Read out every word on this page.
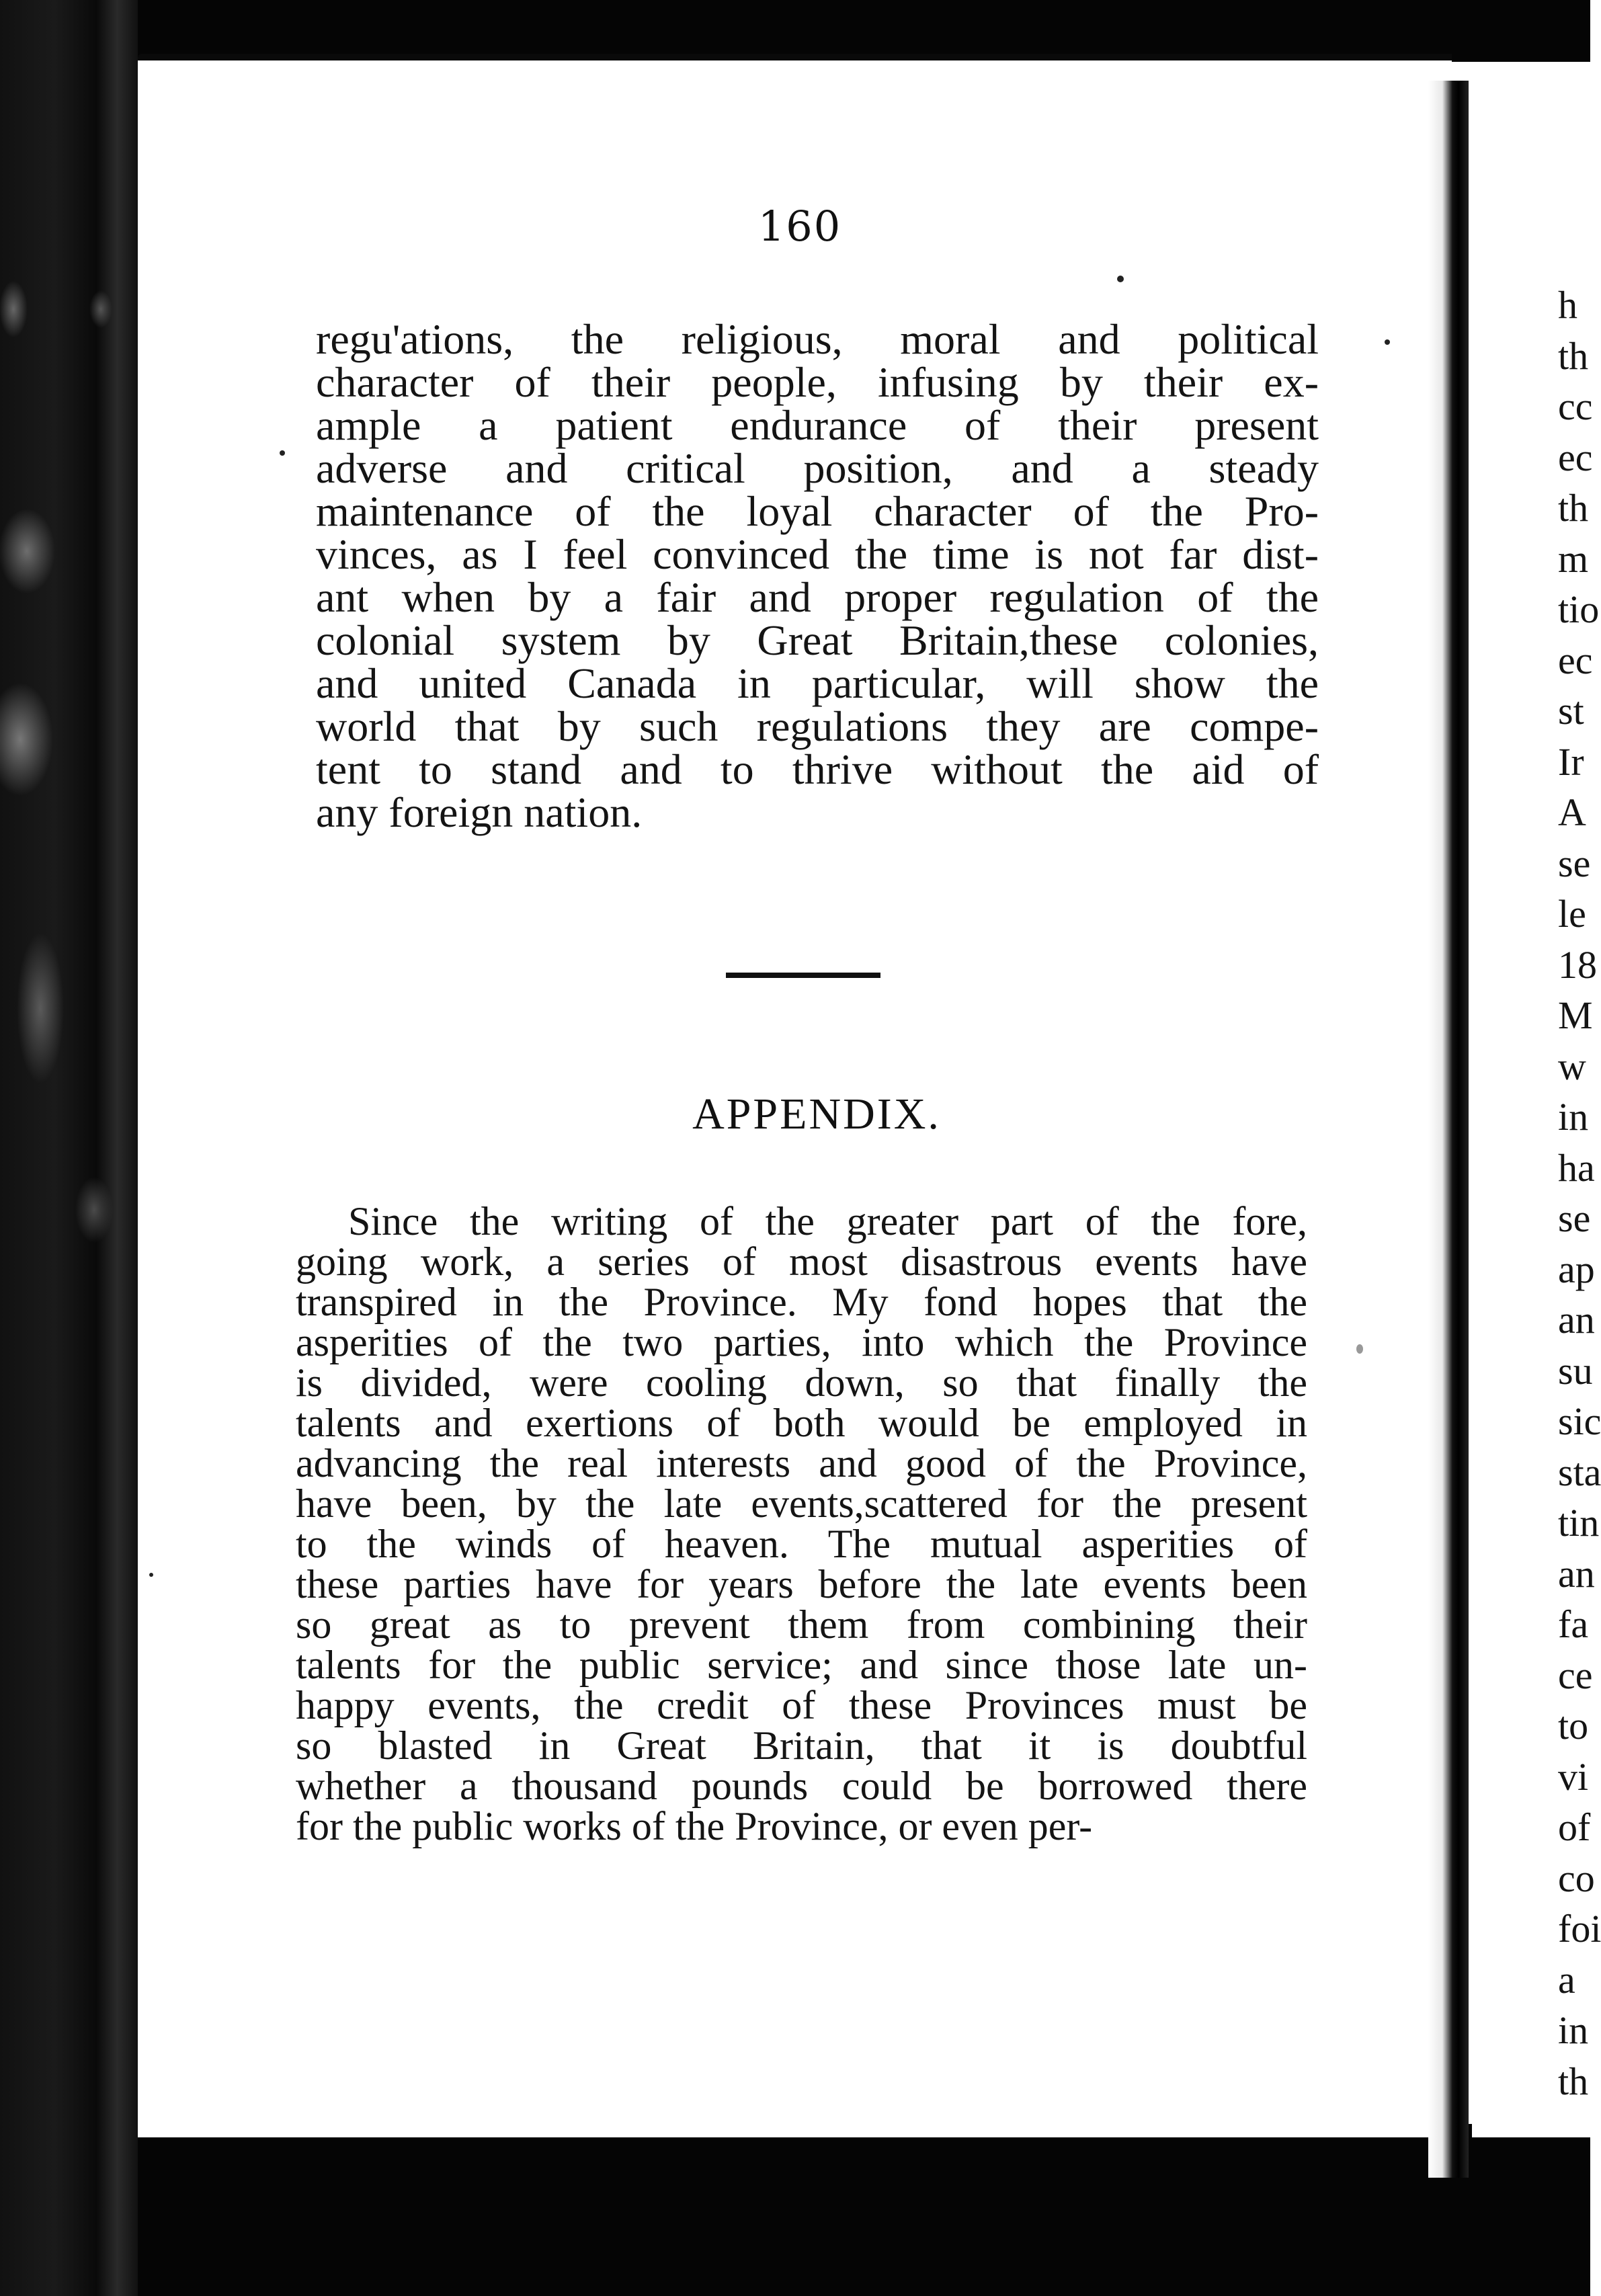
160
regu'ations, the religious, moral and political
character of their people, infusing by their ex-
ample a patient endurance of their present
adverse and critical position, and a steady
maintenance of the loyal character of the Pro-
vinces, as I feel convinced the time is not far dist-
ant when by a fair and proper regulation of the
colonial system by Great Britain,these colonies,
and united Canada in particular, will show the
world that by such regulations they are compe-
tent to stand and to thrive without the aid of
any foreign nation.
APPENDIX.
Since the writing of the greater part of the fore,
going work, a series of most disastrous events have
transpired in the Province. My fond hopes that the
asperities of the two parties, into which the Province
is divided, were cooling down, so that finally the
talents and exertions of both would be employed in
advancing the real interests and good of the Province,
have been, by the late events,scattered for the present
to the winds of heaven. The mutual asperities of
these parties have for years before the late events been
so great as to prevent them from combining their
talents for the public service; and since those late un-
happy events, the credit of these Provinces must be
so blasted in Great Britain, that it is doubtful
whether a thousand pounds could be borrowed there
for the public works of the Province, or even per-
h
th
cc
ec
th
m
tio
ec
st
Ir
A
se
le
18
M
w
in
ha
se
ap
an
su
sic
sta
tin
an
fa
ce
to
vi
of
co
foi
a
in
th
